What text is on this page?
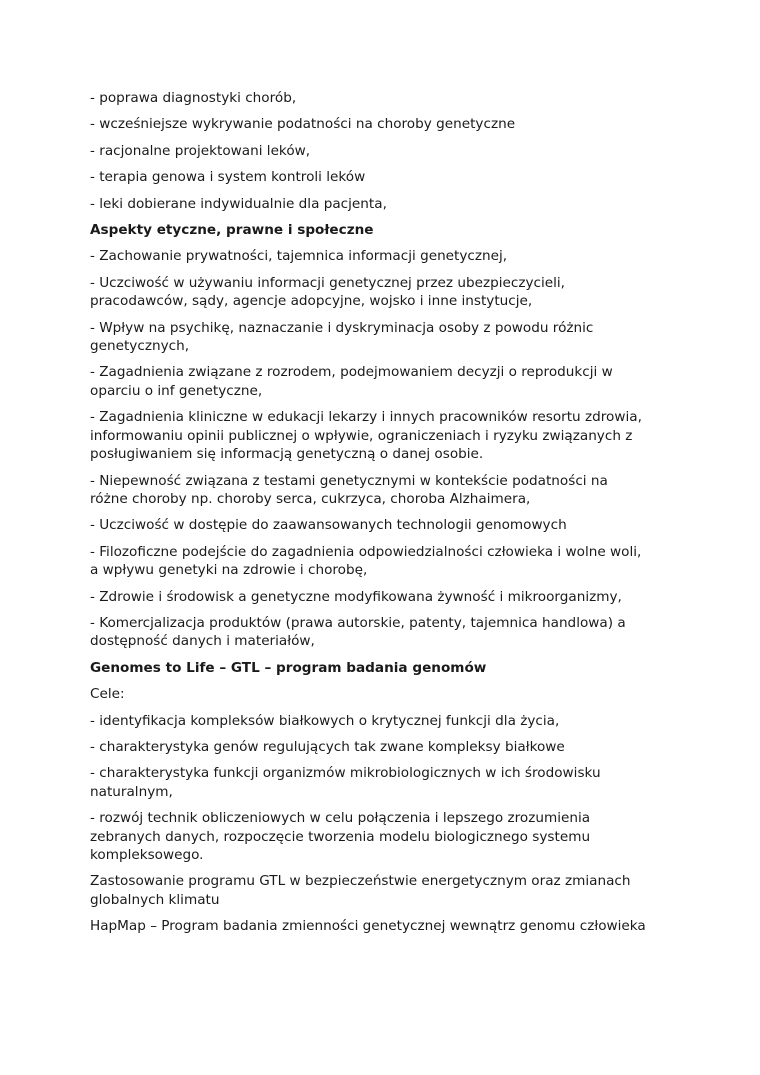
- poprawa diagnostyki chorób,

- wcześniejsze wykrywanie podatności na choroby genetyczne

- racjonalne projektowani leków,

- terapia genowa i system kontroli leków

- leki dobierane indywidualnie dla pacjenta,

Aspekty etyczne, prawne i społeczne

- Zachowanie prywatności, tajemnica informacji genetycznej,

- Uczciwość w używaniu informacji genetycznej przez ubezpieczycieli,
pracodawców, sądy, agencje adopcyjne, wojsko i inne instytucje,

- Wpływ na psychikę, naznaczanie i dyskryminacja osoby z powodu różnic
genetycznych,

- Zagadnienia związane z rozrodem, podejmowaniem decyzji o reprodukcji w
oparciu o inf genetyczne,

- Zagadnienia kliniczne w edukacji lekarzy i innych pracowników resortu zdrowia,
informowaniu opinii publicznej o wpływie, ograniczeniach i ryzyku związanych z
posługiwaniem się informacją genetyczną o danej osobie.

- Niepewność związana z testami genetycznymi w kontekście podatności na
różne choroby np. choroby serca, cukrzyca, choroba Alzhaimera,

- Uczciwość w dostępie do zaawansowanych technologii genomowych

- Filozoficzne podejście do zagadnienia odpowiedzialności człowieka i wolne woli,
a wpływu genetyki na zdrowie i chorobę,

- Zdrowie i środowisk a genetyczne modyfikowana żywność i mikroorganizmy,

- Komercjalizacja produktów (prawa autorskie, patenty, tajemnica handlowa) a
dostępność danych i materiałów,

Genomes to Life – GTL – program badania genomów

Cele:

- identyfikacja kompleksów białkowych o krytycznej funkcji dla życia,

- charakterystyka genów regulujących tak zwane kompleksy białkowe

- charakterystyka funkcji organizmów mikrobiologicznych w ich środowisku
naturalnym,

- rozwój technik obliczeniowych w celu połączenia i lepszego zrozumienia
zebranych danych, rozpoczęcie tworzenia modelu biologicznego systemu
kompleksowego.

Zastosowanie programu GTL w bezpieczeństwie energetycznym oraz zmianach
globalnych klimatu

HapMap – Program badania zmienności genetycznej wewnątrz genomu człowieka
